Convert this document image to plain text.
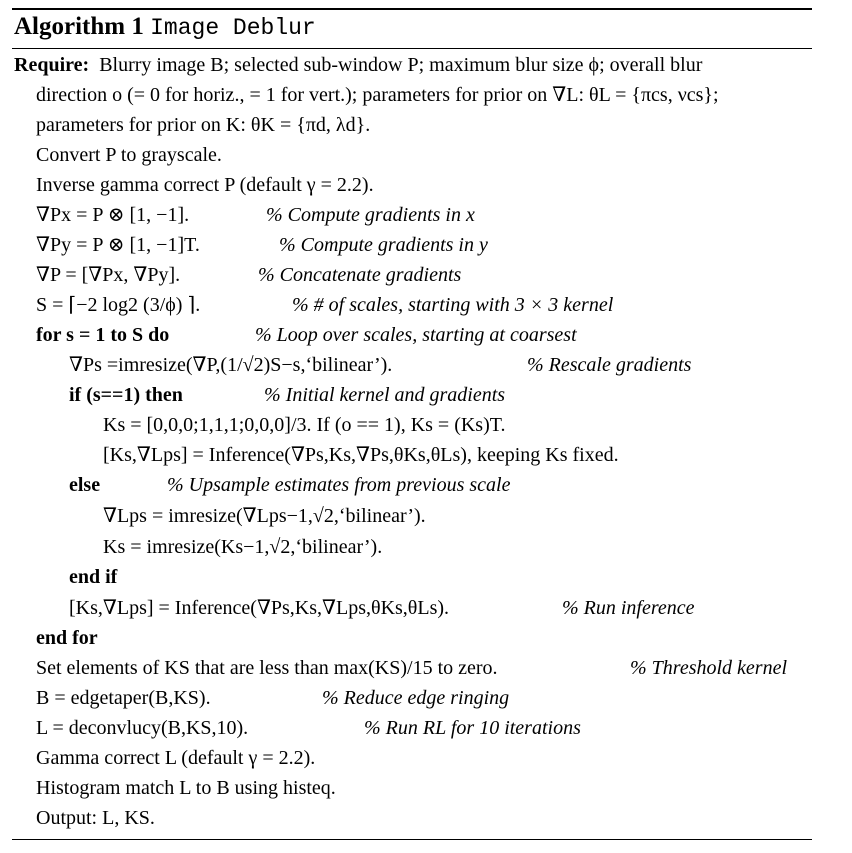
Algorithm 1 Image Deblur
Require: Blurry image B; selected sub-window P; maximum blur size ϕ; overall blur
direction o (= 0 for horiz., = 1 for vert.); parameters for prior on ∇L: θL = {πcs, νcs};
parameters for prior on K: θK = {πd, λd}.
Convert P to grayscale.
Inverse gamma correct P (default γ = 2.2).
∇Px = P ⊗ [1, −1].	% Compute gradients in x
∇Py = P ⊗ [1, −1]T.	% Compute gradients in y
∇P = [∇Px, ∇Py].	% Concatenate gradients
S = ⌈−2 log2 (3/ϕ) ⌉.	% # of scales, starting with 3 × 3 kernel
for s = 1 to S do	% Loop over scales, starting at coarsest
∇Ps =imresize(∇P,(1/√2)S−s,‘bilinear’).	% Rescale gradients
if (s==1) then	% Initial kernel and gradients
Ks = [0,0,0;1,1,1;0,0,0]/3. If (o == 1), Ks = (Ks)T.
[Ks,∇Lps] = Inference(∇Ps,Ks,∇Ps,θKs,θLs), keeping Ks fixed.
else	% Upsample estimates from previous scale
∇Lps = imresize(∇Lps−1,√2,‘bilinear’).
Ks = imresize(Ks−1,√2,‘bilinear’).
end if
[Ks,∇Lps] = Inference(∇Ps,Ks,∇Lps,θKs,θLs).	% Run inference
end for
Set elements of KS that are less than max(KS)/15 to zero.	% Threshold kernel
B = edgetaper(B,KS).	% Reduce edge ringing
L = deconvlucy(B,KS,10).	% Run RL for 10 iterations
Gamma correct L (default γ = 2.2).
Histogram match L to B using histeq.
Output: L, KS.
